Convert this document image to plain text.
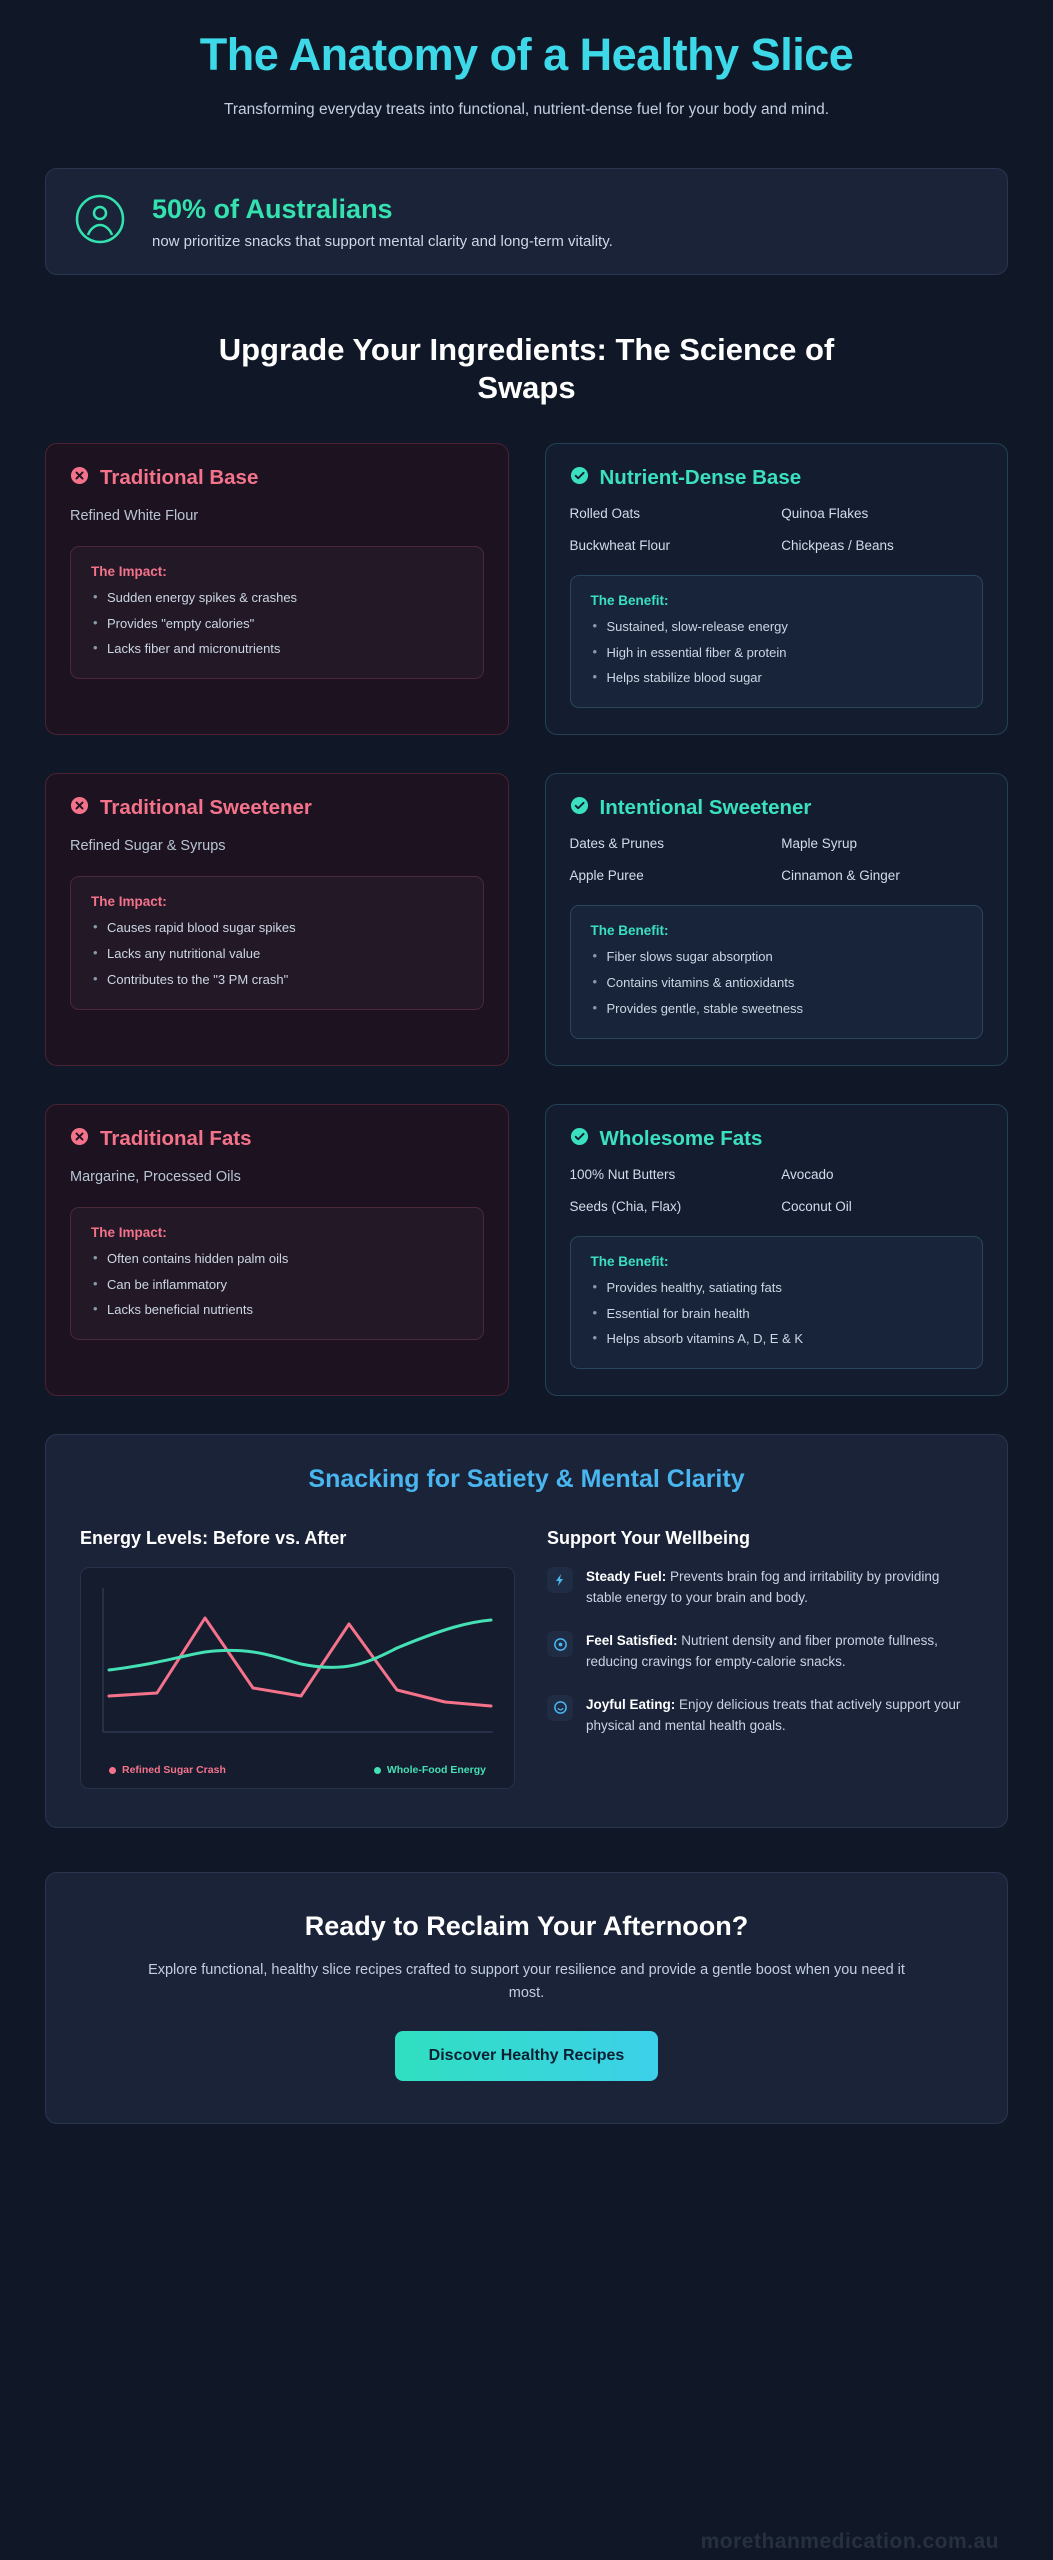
The Anatomy of a Healthy Slice

Transforming everyday treats into functional, nutrient-dense fuel for your body and mind.

50% of Australians

now prioritize snacks that support mental clarity and long-term vitality.

Upgrade Your Ingredients: The Science of Swaps
Traditional Base
Refined White Flour
The Impact:
• Sudden energy spikes & crashes
• Provides "empty calories"
• Lacks fiber and micronutrients
Nutrient-Dense Base
Rolled Oats	Quinoa Flakes
Buckwheat Flour	Chickpeas / Beans
The Benefit:
• Sustained, slow-release energy
• High in essential fiber & protein
• Helps stabilize blood sugar
Traditional Sweetener
Refined Sugar & Syrups
The Impact:
• Causes rapid blood sugar spikes
• Lacks any nutritional value
• Contributes to the "3 PM crash"
Intentional Sweetener
Dates & Prunes	Maple Syrup
Apple Puree	Cinnamon & Ginger
The Benefit:
• Fiber slows sugar absorption
• Contains vitamins & antioxidants
• Provides gentle, stable sweetness
Traditional Fats
Margarine, Processed Oils
The Impact:
• Often contains hidden palm oils
• Can be inflammatory
• Lacks beneficial nutrients
Wholesome Fats
100% Nut Butters	Avocado
Seeds (Chia, Flax)	Coconut Oil
The Benefit:
• Provides healthy, satiating fats
• Essential for brain health
• Helps absorb vitamins A, D, E & K
Snacking for Satiety & Mental Clarity
Energy Levels: Before vs. After
Refined Sugar Crash	Whole-Food Energy
Support Your Wellbeing
Steady Fuel: Prevents brain fog and irritability by providing stable energy to your brain and body.
Feel Satisfied: Nutrient density and fiber promote fullness, reducing cravings for empty-calorie snacks.
Joyful Eating: Enjoy delicious treats that actively support your physical and mental health goals.
Ready to Reclaim Your Afternoon?

Explore functional, healthy slice recipes crafted to support your resilience and provide a gentle boost when you need it most.

Discover Healthy Recipes
morethanmedication.com.au
